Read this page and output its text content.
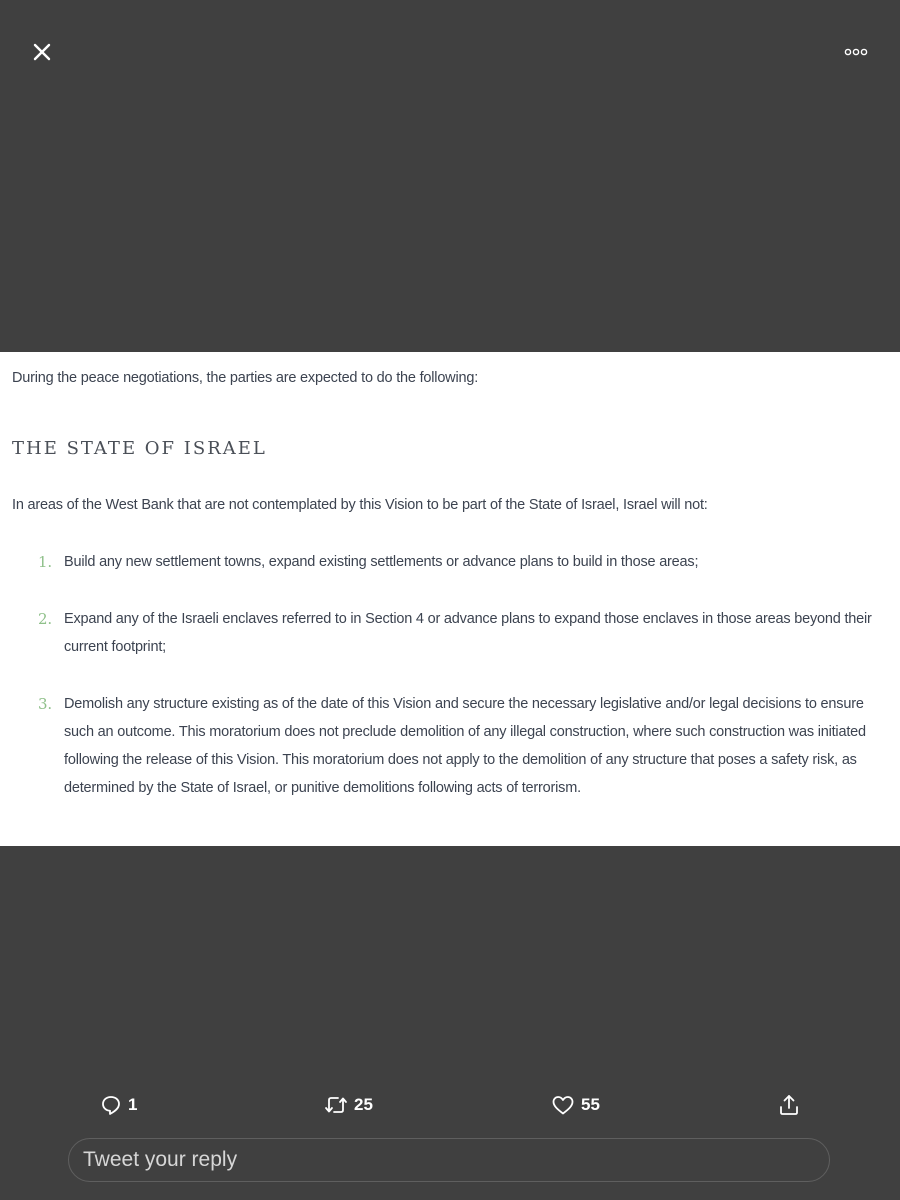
During the peace negotiations, the parties are expected to do the following:
THE STATE OF ISRAEL
In areas of the West Bank that are not contemplated by this Vision to be part of the State of Israel, Israel will not:
1. Build any new settlement towns, expand existing settlements or advance plans to build in those areas;
2. Expand any of the Israeli enclaves referred to in Section 4 or advance plans to expand those enclaves in those areas beyond their current footprint;
3. Demolish any structure existing as of the date of this Vision and secure the necessary legislative and/or legal decisions to ensure such an outcome. This moratorium does not preclude demolition of any illegal construction, where such construction was initiated following the release of this Vision. This moratorium does not apply to the demolition of any structure that poses a safety risk, as determined by the State of Israel, or punitive demolitions following acts of terrorism.
1	25	55
Tweet your reply
